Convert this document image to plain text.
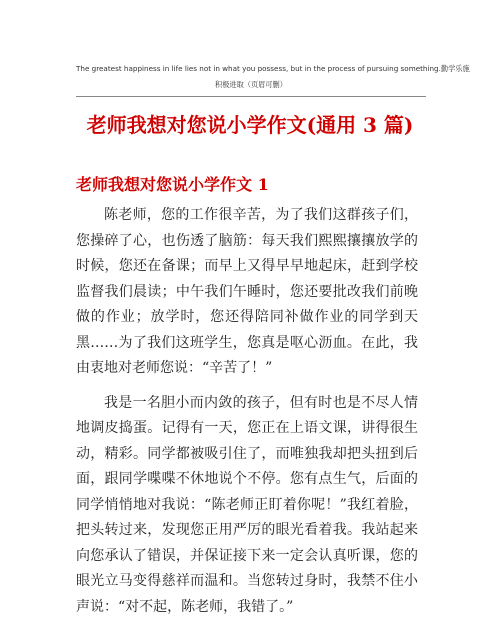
The greatest happiness in life lies not in what you possess, but in the process of pursuing something.勤学乐施
积极进取（页眉可删）
老师我想对您说小学作文(通用 3 篇)
老师我想对您说小学作文 1

陈老师，您的工作很辛苦，为了我们这群孩子们，您操碎了心，也伤透了脑筋：每天我们熙熙攘攘放学的时候，您还在备课；而早上又得早早地起床，赶到学校监督我们晨读；中午我们午睡时，您还要批改我们前晚做的作业；放学时，您还得陪同补做作业的同学到天黑……为了我们这班学生，您真是呕心沥血。在此，我由衷地对老师您说：“辛苦了！”

我是一名胆小而内敛的孩子，但有时也是不尽人情地调皮捣蛋。记得有一天，您正在上语文课，讲得很生动，精彩。同学都被吸引住了，而唯独我却把头扭到后面，跟同学喋喋不休地说个不停。您有点生气，后面的同学悄悄地对我说：“陈老师正盯着你呢！”我红着脸，把头转过来，发现您正用严厉的眼光看着我。我站起来向您承认了错误，并保证接下来一定会认真听课，您的眼光立马变得慈祥而温和。当您转过身时，我禁不住小声说：“对不起，陈老师，我错了。”
